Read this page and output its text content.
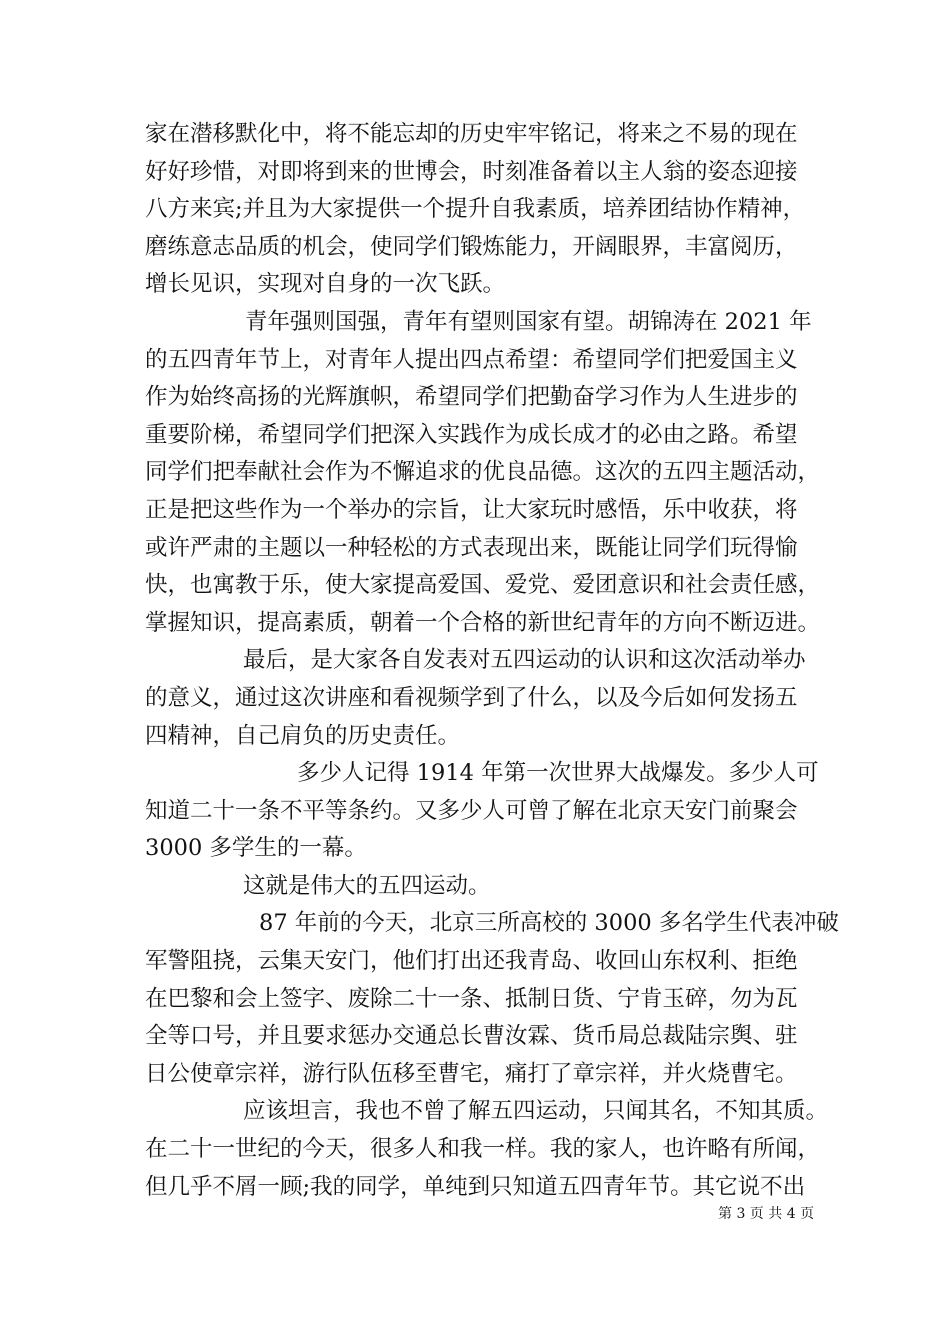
家在潜移默化中，将不能忘却的历史牢牢铭记，将来之不易的现在
好好珍惜，对即将到来的世博会，时刻准备着以主人翁的姿态迎接
八方来宾;并且为大家提供一个提升自我素质，培养团结协作精神，
磨练意志品质的机会，使同学们锻炼能力，开阔眼界，丰富阅历，
增长见识，实现对自身的一次飞跃。
青年强则国强，青年有望则国家有望。胡锦涛在 2021 年
的五四青年节上，对青年人提出四点希望：希望同学们把爱国主义
作为始终高扬的光辉旗帜，希望同学们把勤奋学习作为人生进步的
重要阶梯，希望同学们把深入实践作为成长成才的必由之路。希望
同学们把奉献社会作为不懈追求的优良品德。这次的五四主题活动，
正是把这些作为一个举办的宗旨，让大家玩时感悟，乐中收获，将
或许严肃的主题以一种轻松的方式表现出来，既能让同学们玩得愉
快，也寓教于乐，使大家提高爱国、爱党、爱团意识和社会责任感，
掌握知识，提高素质，朝着一个合格的新世纪青年的方向不断迈进。
最后，是大家各自发表对五四运动的认识和这次活动举办
的意义，通过这次讲座和看视频学到了什么，以及今后如何发扬五
四精神，自己肩负的历史责任。
多少人记得 1914 年第一次世界大战爆发。多少人可
知道二十一条不平等条约。又多少人可曾了解在北京天安门前聚会
3000 多学生的一幕。
这就是伟大的五四运动。
87 年前的今天，北京三所高校的 3000 多名学生代表冲破
军警阻挠，云集天安门，他们打出还我青岛、收回山东权利、拒绝
在巴黎和会上签字、废除二十一条、抵制日货、宁肯玉碎，勿为瓦
全等口号，并且要求惩办交通总长曹汝霖、货币局总裁陆宗舆、驻
日公使章宗祥，游行队伍移至曹宅，痛打了章宗祥，并火烧曹宅。
应该坦言，我也不曾了解五四运动，只闻其名，不知其质。
在二十一世纪的今天，很多人和我一样。我的家人，也许略有所闻，
但几乎不屑一顾;我的同学，单纯到只知道五四青年节。其它说不出
第 3 页 共 4 页
